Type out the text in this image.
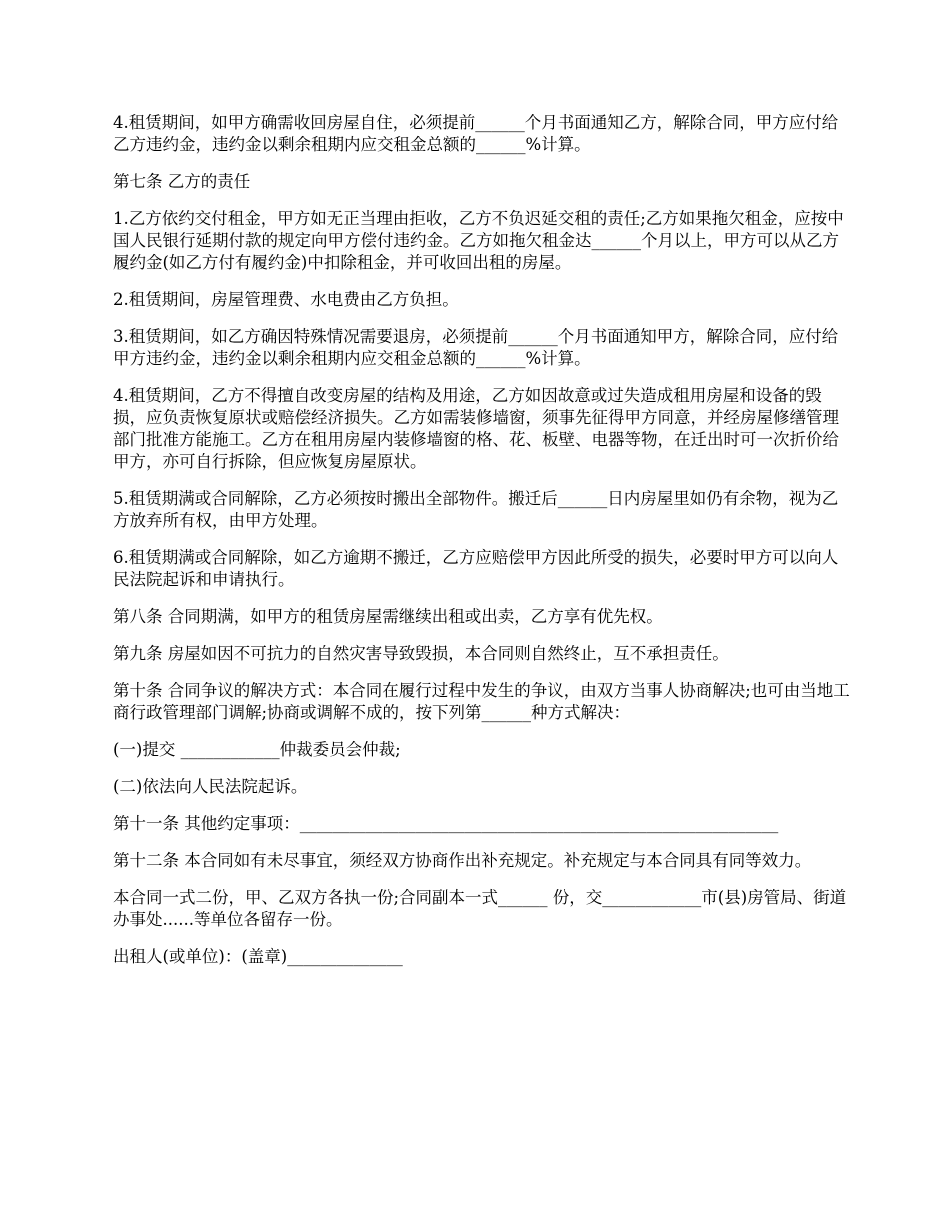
4.租赁期间，如甲方确需收回房屋自住，必须提前______个月书面通知乙方，解除合同，甲方应付给乙方违约金，违约金以剩余租期内应交租金总额的______%计算。

第七条 乙方的责任

1.乙方依约交付租金，甲方如无正当理由拒收，乙方不负迟延交租的责任;乙方如果拖欠租金，应按中国人民银行延期付款的规定向甲方偿付违约金。乙方如拖欠租金达______个月以上，甲方可以从乙方履约金(如乙方付有履约金)中扣除租金，并可收回出租的房屋。

2.租赁期间，房屋管理费、水电费由乙方负担。

3.租赁期间，如乙方确因特殊情况需要退房，必须提前______个月书面通知甲方，解除合同，应付给甲方违约金，违约金以剩余租期内应交租金总额的______%计算。

4.租赁期间，乙方不得擅自改变房屋的结构及用途，乙方如因故意或过失造成租用房屋和设备的毁损，应负责恢复原状或赔偿经济损失。乙方如需装修墙窗，须事先征得甲方同意，并经房屋修缮管理部门批准方能施工。乙方在租用房屋内装修墙窗的格、花、板壁、电器等物，在迁出时可一次折价给甲方，亦可自行拆除，但应恢复房屋原状。

5.租赁期满或合同解除，乙方必须按时搬出全部物件。搬迁后______日内房屋里如仍有余物，视为乙方放弃所有权，由甲方处理。

6.租赁期满或合同解除，如乙方逾期不搬迁，乙方应赔偿甲方因此所受的损失，必要时甲方可以向人民法院起诉和申请执行。

第八条 合同期满，如甲方的租赁房屋需继续出租或出卖，乙方享有优先权。

第九条 房屋如因不可抗力的自然灾害导致毁损，本合同则自然终止，互不承担责任。

第十条 合同争议的解决方式：本合同在履行过程中发生的争议，由双方当事人协商解决;也可由当地工商行政管理部门调解;协商或调解不成的，按下列第______种方式解决：

(一)提交 ____________仲裁委员会仲裁;

(二)依法向人民法院起诉。

第十一条 其他约定事项：__________________________________________________________

第十二条 本合同如有未尽事宜，须经双方协商作出补充规定。补充规定与本合同具有同等效力。

本合同一式二份，甲、乙双方各执一份;合同副本一式______ 份，交____________市(县)房管局、街道办事处......等单位各留存一份。

出租人(或单位)：(盖章)______________
